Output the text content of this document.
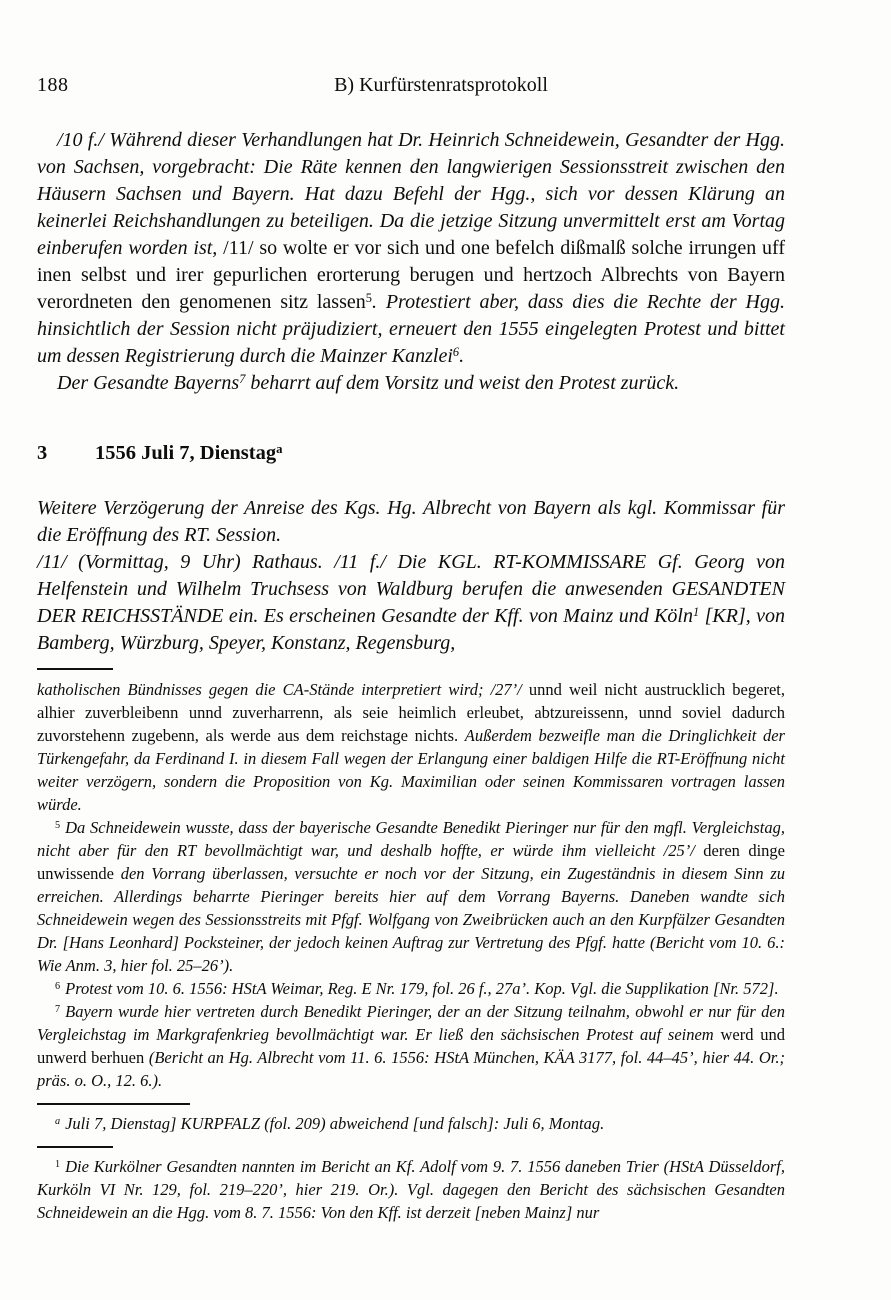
188	B) Kurfürstenratsprotokoll

/10 f./ Während dieser Verhandlungen hat Dr. Heinrich Schneidewein, Gesandter der Hgg. von Sachsen, vorgebracht: Die Räte kennen den langwierigen Sessionsstreit zwischen den Häusern Sachsen und Bayern. Hat dazu Befehl der Hgg., sich vor dessen Klärung an keinerlei Reichshandlungen zu beteiligen. Da die jetzige Sitzung unvermittelt erst am Vortag einberufen worden ist, /11/ so wolte er vor sich und one befelch dißmalß solche irrungen uff inen selbst und irer gepurlichen erorterung berugen und hertzoch Albrechts von Bayern verordneten den genomenen sitz lassen$^5$. Protestiert aber, dass dies die Rechte der Hgg. hinsichtlich der Session nicht präjudiziert, erneuert den 1555 eingelegten Protest und bittet um dessen Registrierung durch die Mainzer Kanzlei$^6$.

Der Gesandte Bayerns$^7$ beharrt auf dem Vorsitz und weist den Protest zurück.

3	1556 Juli 7, Dienstag$^a$

Weitere Verzögerung der Anreise des Kgs. Hg. Albrecht von Bayern als kgl. Kommissar für die Eröffnung des RT. Session.

/11/ (Vormittag, 9 Uhr) Rathaus. /11 f./ Die KGL. RT-KOMMISSARE Gf. Georg von Helfenstein und Wilhelm Truchsess von Waldburg berufen die anwesenden GESANDTEN DER REICHSSTÄNDE ein. Es erscheinen Gesandte der Kff. von Mainz und Köln$^1$ [KR], von Bamberg, Würzburg, Speyer, Konstanz, Regensburg,

katholischen Bündnisses gegen die CA-Stände interpretiert wird; /27’/ unnd weil nicht austrucklich begeret, alhier zuverbleibenn unnd zuverharrenn, als seie heimlich erleubet, abtzureissenn, unnd soviel dadurch zuvorstehenn zugebenn, als werde aus dem reichstage nichts. Außerdem bezweifle man die Dringlichkeit der Türkengefahr, da Ferdinand I. in diesem Fall wegen der Erlangung einer baldigen Hilfe die RT-Eröffnung nicht weiter verzögern, sondern die Proposition von Kg. Maximilian oder seinen Kommissaren vortragen lassen würde.

$^5$ Da Schneidewein wusste, dass der bayerische Gesandte Benedikt Pieringer nur für den mgfl. Vergleichstag, nicht aber für den RT bevollmächtigt war, und deshalb hoffte, er würde ihm vielleicht /25’/ deren dinge unwissende den Vorrang überlassen, versuchte er noch vor der Sitzung, ein Zugeständnis in diesem Sinn zu erreichen. Allerdings beharrte Pieringer bereits hier auf dem Vorrang Bayerns. Daneben wandte sich Schneidewein wegen des Sessionsstreits mit Pfgf. Wolfgang von Zweibrücken auch an den Kurpfälzer Gesandten Dr. [Hans Leonhard] Pocksteiner, der jedoch keinen Auftrag zur Vertretung des Pfgf. hatte (Bericht vom 10. 6.: Wie Anm. 3, hier fol. 25–26’).

$^6$ Protest vom 10. 6. 1556: HStA Weimar, Reg. E Nr. 179, fol. 26 f., 27a’. Kop. Vgl. die Supplikation [Nr. 572].

$^7$ Bayern wurde hier vertreten durch Benedikt Pieringer, der an der Sitzung teilnahm, obwohl er nur für den Vergleichstag im Markgrafenkrieg bevollmächtigt war. Er ließ den sächsischen Protest auf seinem werd und unwerd berhuen (Bericht an Hg. Albrecht vom 11. 6. 1556: HStA München, KÄA 3177, fol. 44–45’, hier 44. Or.; präs. o. O., 12. 6.).

$^a$ Juli 7, Dienstag] KURPFALZ (fol. 209) abweichend [und falsch]: Juli 6, Montag.

$^1$ Die Kurkölner Gesandten nannten im Bericht an Kf. Adolf vom 9. 7. 1556 daneben Trier (HStA Düsseldorf, Kurköln VI Nr. 129, fol. 219–220’, hier 219. Or.). Vgl. dagegen den Bericht des sächsischen Gesandten Schneidewein an die Hgg. vom 8. 7. 1556: Von den Kff. ist derzeit [neben Mainz] nur
